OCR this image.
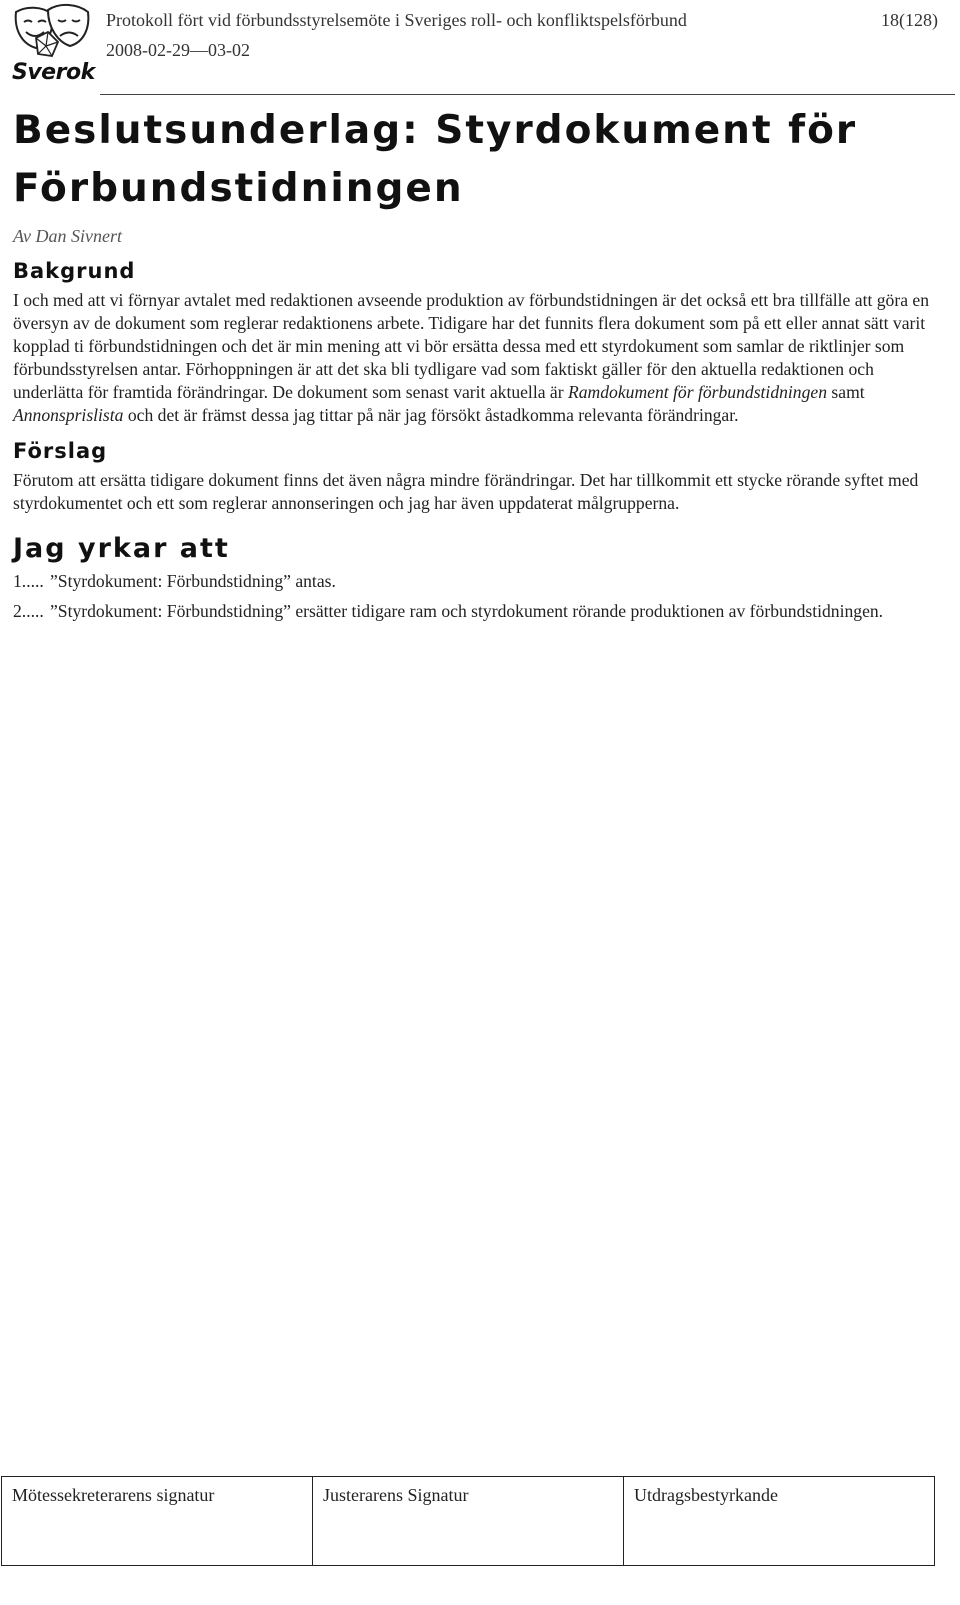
Sverok
Protokoll fört vid förbundsstyrelsemöte i Sveriges roll- och konfliktspelsförbund
2008-02-29—03-02
18(128)
Beslutsunderlag: Styrdokument för Förbundstidningen
Av Dan Sivnert
Bakgrund

I och med att vi förnyar avtalet med redaktionen avseende produktion av förbundstidningen är det också ett bra tillfälle att göra en översyn av de dokument som reglerar redaktionens arbete. Tidigare har det funnits flera dokument som på ett eller annat sätt varit kopplad ti förbundstidningen och det är min mening att vi bör ersätta dessa med ett styrdokument som samlar de riktlinjer som förbundsstyrelsen antar. Förhoppningen är att det ska bli tydligare vad som faktiskt gäller för den aktuella redaktionen och underlätta för framtida förändringar. De dokument som senast varit aktuella är Ramdokument för förbundstidningen samt Annonsprislista och det är främst dessa jag tittar på när jag försökt åstadkomma relevanta förändringar.

Förslag

Förutom att ersätta tidigare dokument finns det även några mindre förändringar. Det har tillkommit ett stycke rörande syftet med styrdokumentet och ett som reglerar annonseringen och jag har även uppdaterat målgrupperna.

Jag yrkar att
1..... ”Styrdokument: Förbundstidning” antas.
2..... ”Styrdokument: Förbundstidning” ersätter tidigare ram och styrdokument rörande produktionen av förbundstidningen.
Mötessekreterarens signatur	Justerarens Signatur	Utdragsbestyrkande
